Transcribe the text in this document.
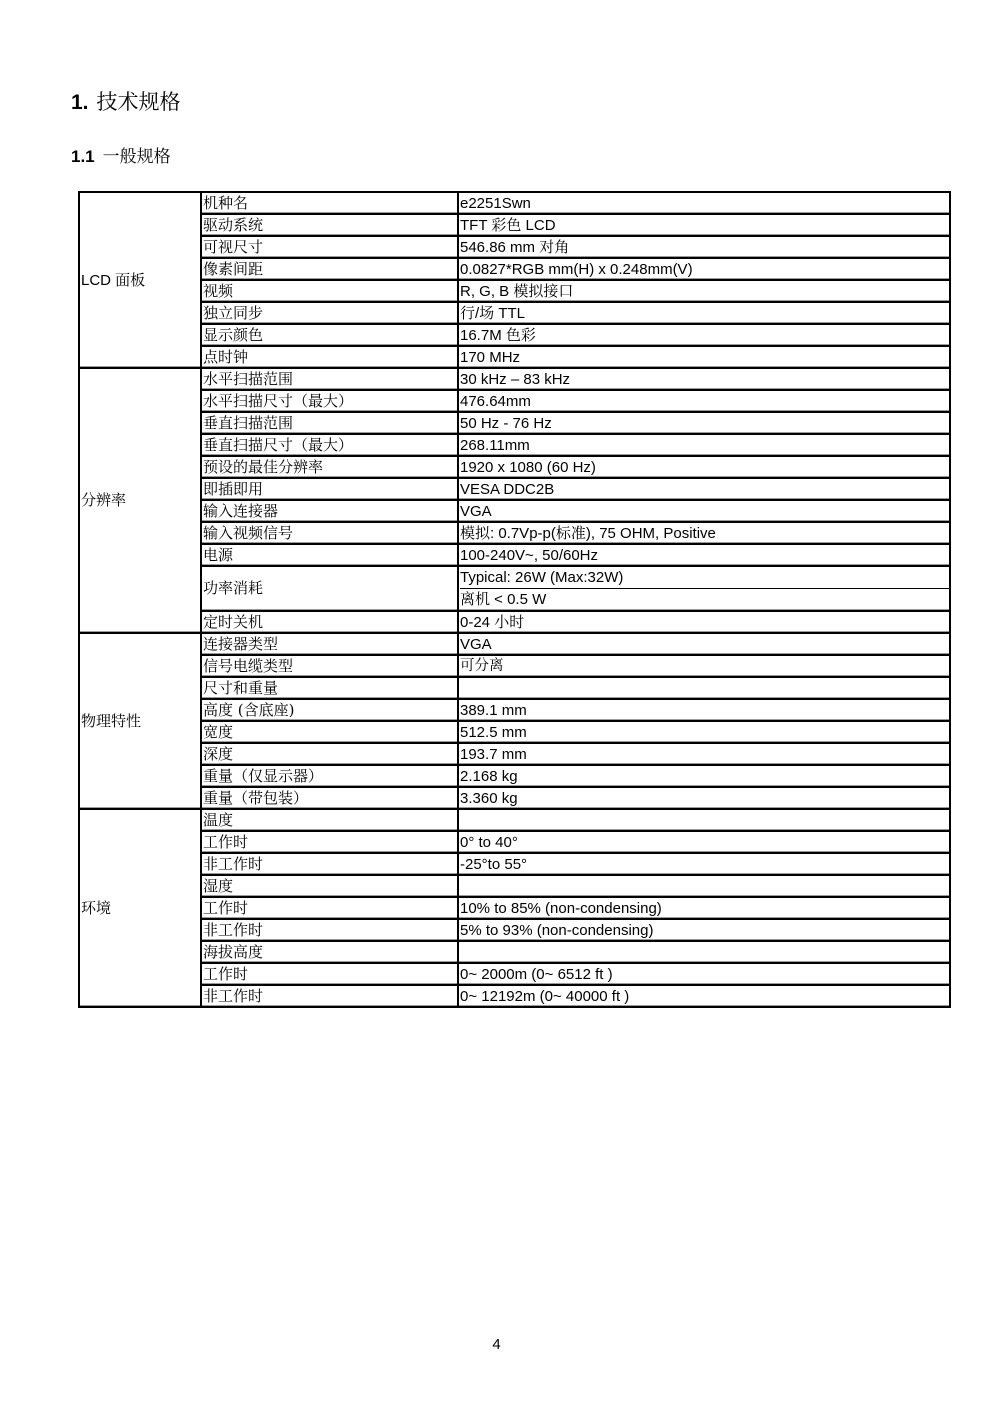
1. 技术规格
1.1 一般规格
LCD 面板	机种名	e2251Swn
	驱动系统	TFT 彩色 LCD
	可视尺寸	546.86 mm 对角
	像素间距	0.0827*RGB mm(H) x 0.248mm(V)
	视频	R, G, B 模拟接口
	独立同步	行/场 TTL
	显示颜色	16.7M 色彩
	点时钟	170 MHz
分辨率	水平扫描范围	30 kHz – 83 kHz
	水平扫描尺寸（最大）	476.64mm
	垂直扫描范围	50 Hz - 76 Hz
	垂直扫描尺寸（最大）	268.11mm
	预设的最佳分辨率	1920 x 1080 (60 Hz)
	即插即用	VESA DDC2B
	输入连接器	VGA
	输入视频信号	模拟: 0.7Vp-p(标准), 75 OHM, Positive
	电源	100-240V~, 50/60Hz
	功率消耗	Typical: 26W (Max:32W)
离机 < 0.5 W

	定时关机	0-24 小时
物理特性	连接器类型	VGA
	信号电缆类型	可分离
	尺寸和重量	
	高度 (含底座)	389.1 mm
	宽度	512.5 mm
	深度	193.7 mm
	重量（仅显示器）	2.168 kg
	重量（带包装）	3.360 kg
环境	温度	
	工作时	0° to 40°
	非工作时	-25°to 55°
	湿度	
	工作时	10% to 85% (non-condensing)
	非工作时	5% to 93% (non-condensing)
	海拔高度	
	工作时	0~ 2000m (0~ 6512 ft )
	非工作时	0~ 12192m (0~ 40000 ft )
4
